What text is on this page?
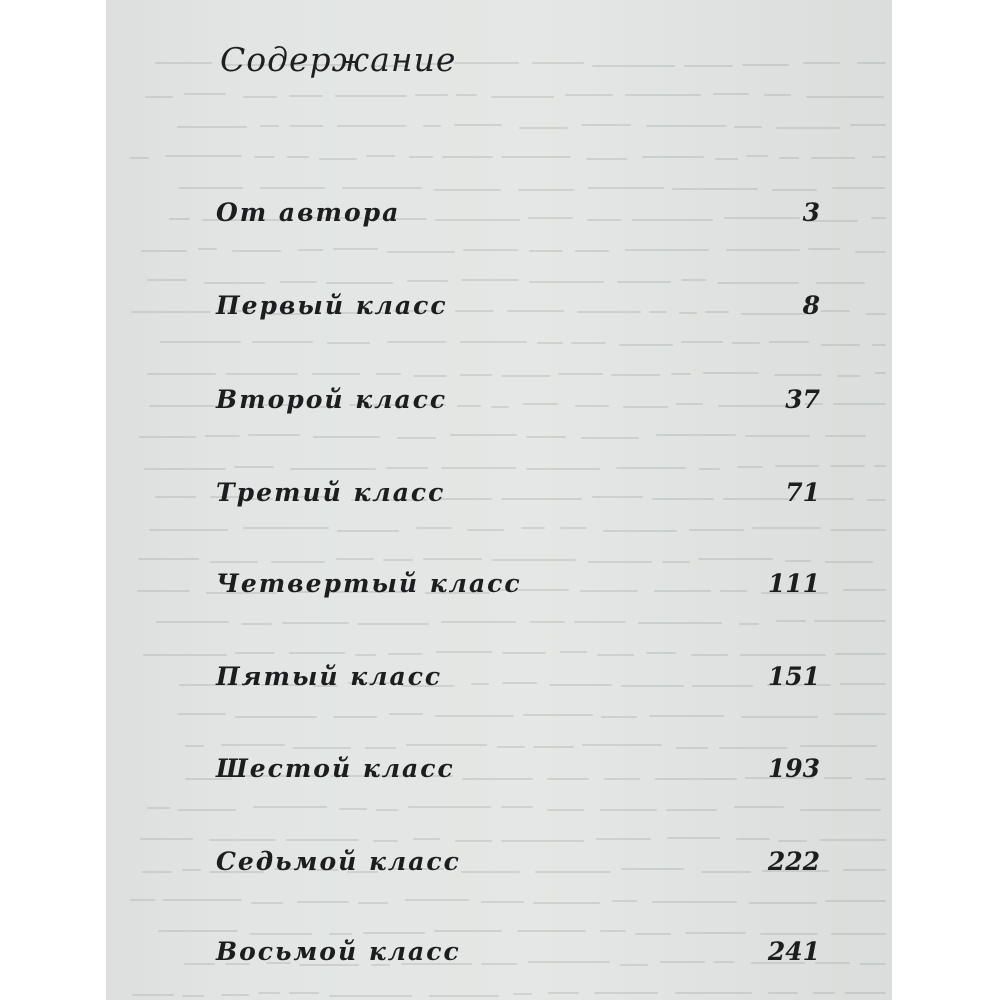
Содержание
От автора	3
Первый класс	8
Второй класс	37
Третий класс	71
Четвертый класс	111
Пятый класс	151
Шестой класс	193
Седьмой класс	222
Восьмой класс	241
